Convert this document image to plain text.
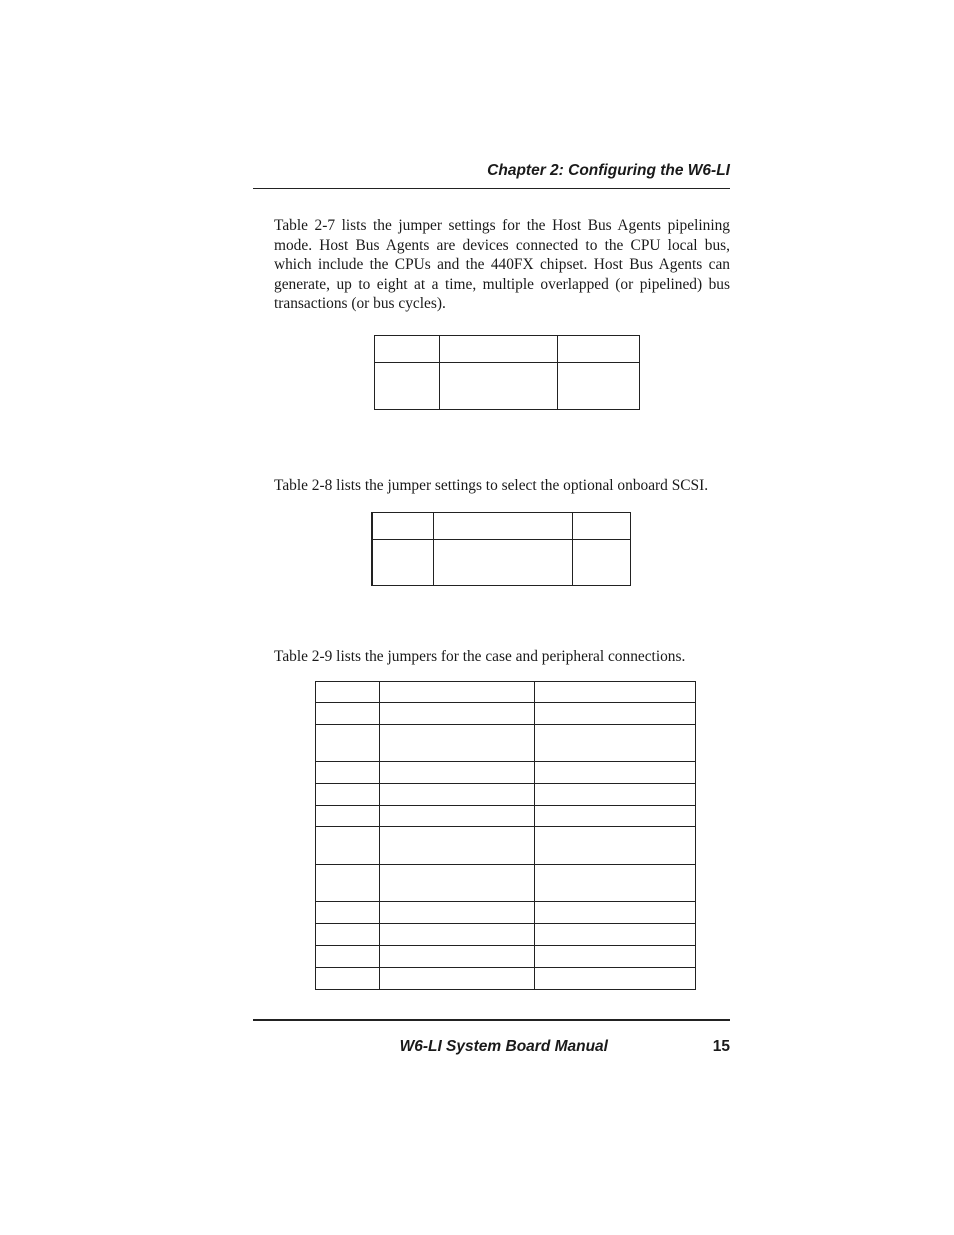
Chapter 2: Configuring the W6-LI

Table 2-7 lists the jumper settings for the Host Bus Agents pipelining mode. Host Bus Agents are devices connected to the CPU local bus, which include the CPUs and the 440FX chipset. Host Bus Agents can generate, up to eight at a time, multiple overlapped (or pipelined) bus transactions (or bus cycles).

Table 2-8 lists the jumper settings to select the optional onboard SCSI.

Table 2-9 lists the jumpers for the case and peripheral connections.

W6-LI System Board Manual	15
